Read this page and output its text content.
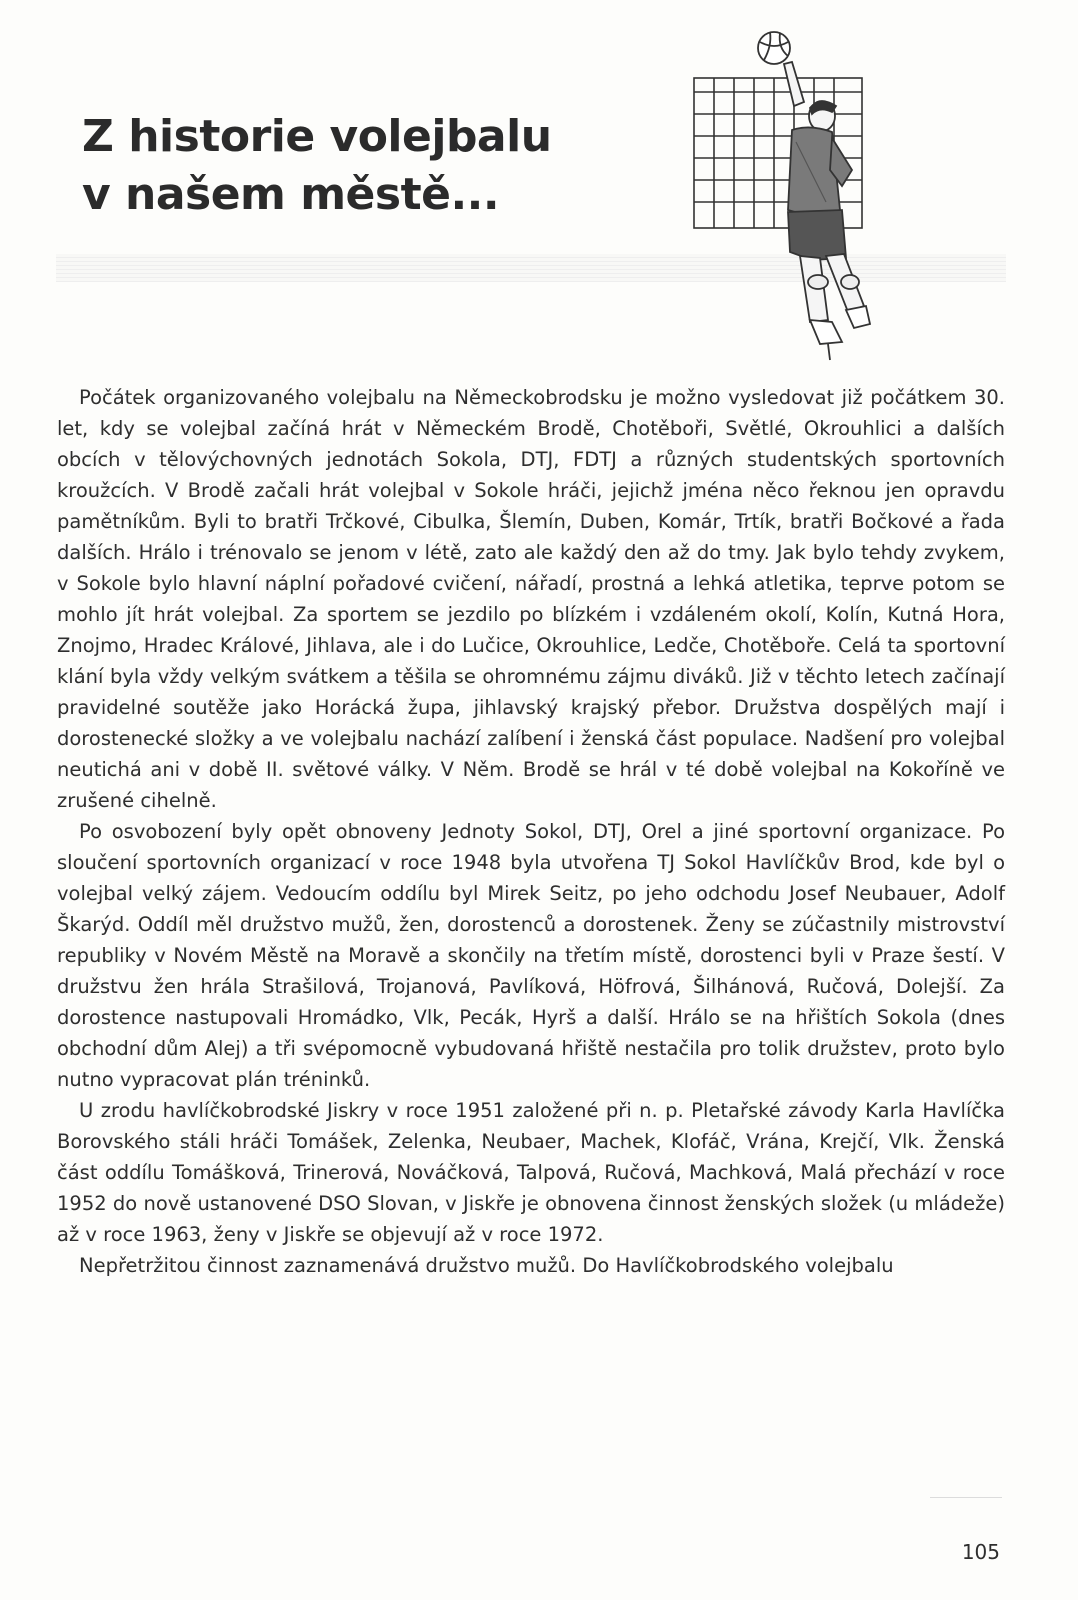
Z historie volejbalu
v našem městě...

Počátek organizovaného volejbalu na Německobrodsku je možno vysledovat již počátkem 30. let, kdy se volejbal začíná hrát v Německém Brodě, Chotěboři, Světlé, Okrouhlici a dalších obcích v tělovýchovných jednotách Sokola, DTJ, FDTJ a různých studentských sportovních kroužcích. V Brodě začali hrát volejbal v Sokole hráči, jejichž jména něco řeknou jen opravdu pamětníkům. Byli to bratři Trčkové, Cibulka, Šlemín, Duben, Komár, Trtík, bratři Bočkové a řada dalších. Hrálo i trénovalo se jenom v létě, zato ale každý den až do tmy. Jak bylo tehdy zvykem, v Sokole bylo hlavní náplní pořadové cvičení, nářadí, prostná a lehká atletika, teprve potom se mohlo jít hrát volejbal. Za sportem se jezdilo po blízkém i vzdáleném okolí, Kolín, Kutná Hora, Znojmo, Hradec Králové, Jihlava, ale i do Lučice, Okrouhlice, Ledče, Chotěboře. Celá ta sportovní klání byla vždy velkým svátkem a těšila se ohromnému zájmu diváků. Již v těchto letech začínají pravidelné soutěže jako Horácká župa, jihlavský krajský přebor. Družstva dospělých mají i dorostenecké složky a ve volejbalu nachází zalíbení i ženská část populace. Nadšení pro volejbal neutichá ani v době II. světové války. V Něm. Brodě se hrál v té době volejbal na Kokoříně ve zrušené cihelně.

Po osvobození byly opět obnoveny Jednoty Sokol, DTJ, Orel a jiné sportovní organizace. Po sloučení sportovních organizací v roce 1948 byla utvořena TJ Sokol Havlíčkův Brod, kde byl o volejbal velký zájem. Vedoucím oddílu byl Mirek Seitz, po jeho odchodu Josef Neubauer, Adolf Škarýd. Oddíl měl družstvo mužů, žen, dorostenců a dorostenek. Ženy se zúčastnily mistrovství republiky v Novém Městě na Moravě a skončily na třetím místě, dorostenci byli v Praze šestí. V družstvu žen hrála Strašilová, Trojanová, Pavlíková, Höfrová, Šilhánová, Ručová, Dolejší. Za dorostence nastupovali Hromádko, Vlk, Pecák, Hyrš a další. Hrálo se na hřištích Sokola (dnes obchodní dům Alej) a tři svépomocně vybudovaná hřiště nestačila pro tolik družstev, proto bylo nutno vypracovat plán tréninků.

U zrodu havlíčkobrodské Jiskry v roce 1951 založené při n. p. Pletařské závody Karla Havlíčka Borovského stáli hráči Tomášek, Zelenka, Neubaer, Machek, Klofáč, Vrána, Krejčí, Vlk. Ženská část oddílu Tomášková, Trinerová, Nováčková, Talpová, Ručová, Machková, Malá přechází v roce 1952 do nově ustanovené DSO Slovan, v Jiskře je obnovena činnost ženských složek (u mládeže) až v roce 1963, ženy v Jiskře se objevují až v roce 1972.

Nepřetržitou činnost zaznamenává družstvo mužů. Do Havlíčkobrodského volejbalu

105
